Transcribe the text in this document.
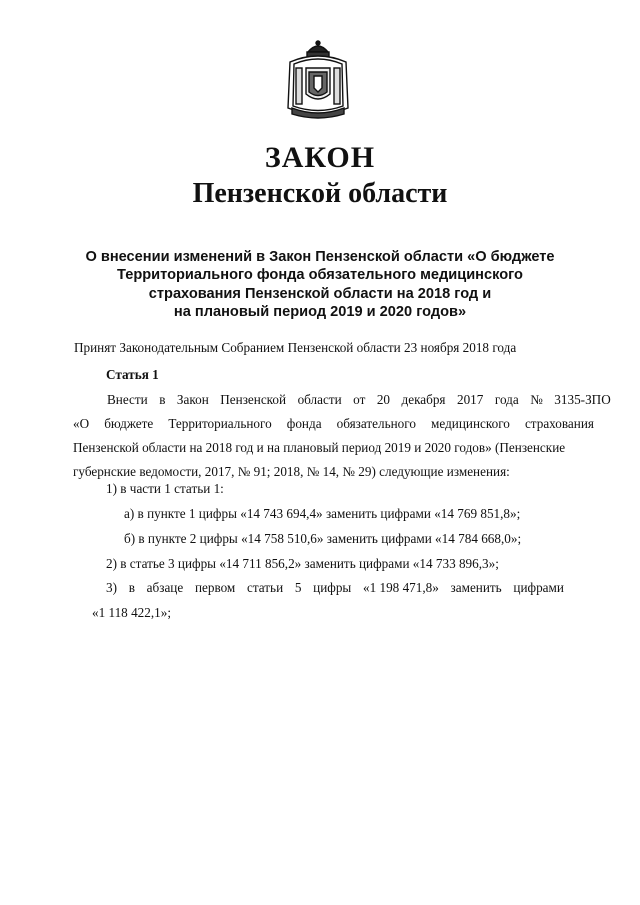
ЗАКОН
Пензенской области
О внесении изменений в Закон Пензенской области «О бюджете
Территориального фонда обязательного медицинского
страхования Пензенской области на 2018 год и
на плановый период 2019 и 2020 годов»
Принят Законодательным Собранием Пензенской области 23 ноября 2018 года
Статья 1
Внести в Закон Пензенской области от 20 декабря 2017 года № 3135-ЗПО
«О бюджете Территориального фонда обязательного медицинского страхования
Пензенской области на 2018 год и на плановый период 2019 и 2020 годов» (Пензенские
губернские ведомости, 2017, № 91; 2018, № 14, № 29) следующие изменения:
1) в части 1 статьи 1:
а) в пункте 1 цифры «14 743 694,4» заменить цифрами «14 769 851,8»;
б) в пункте 2 цифры «14 758 510,6» заменить цифрами «14 784 668,0»;
2) в статье 3 цифры «14 711 856,2» заменить цифрами «14 733 896,3»;
3) в абзаце первом статьи 5 цифры «1 198 471,8» заменить цифрами
«1 118 422,1»;
